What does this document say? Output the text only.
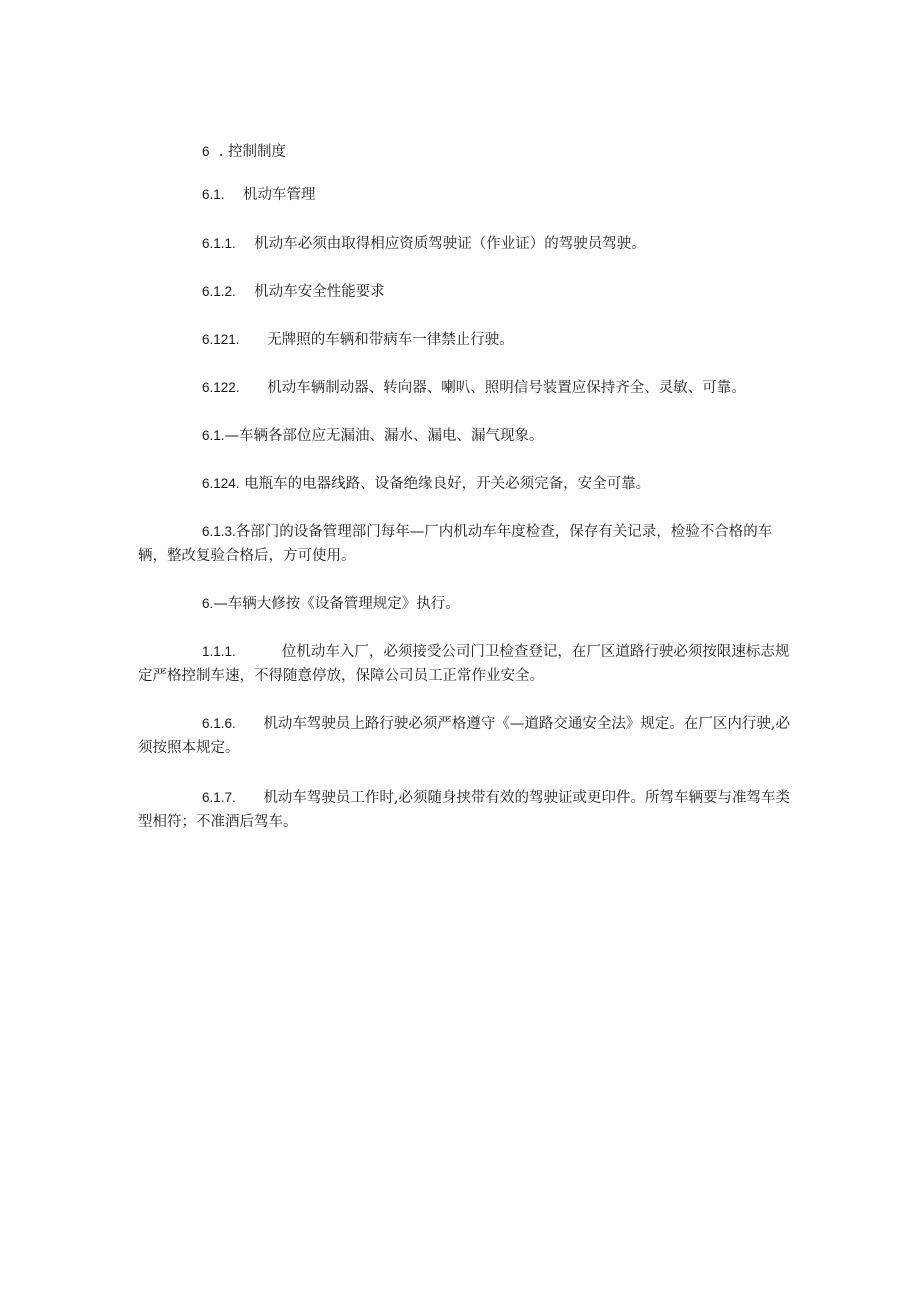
6  . 控制制度
6.1. 机动车管理
6.1.1. 机动车必须由取得相应资质驾驶证（作业证）的驾驶员驾驶。
6.1.2. 机动车安全性能要求
6.121. 无牌照的车辆和带病车一律禁止行驶。
6.122. 机动车辆制动器、转向器、喇叭、照明信号装置应保持齐全、灵敏、可靠。
6.1.—车辆各部位应无漏油、漏水、漏电、漏气现象。
6.124. 电瓶车的电器线路、设备绝缘良好，开关必须完备，安全可靠。
6.1.3.各部门的设备管理部门每年—厂内机动车年度检查，保存有关记录，检验不合格的车辆，整改复验合格后，方可使用。
6.—车辆大修按《设备管理规定》执行。
1.1.1.	位机动车入厂，必须接受公司门卫检查登记，在厂区道路行驶必须按限速标志规定严格控制车速，不得随意停放，保障公司员工正常作业安全。
6.1.6. 机动车驾驶员上路行驶必须严格遵守《—道路交通安全法》规定。在厂区内行驶,必须按照本规定。
6.1.7. 机动车驾驶员工作时,必须随身挟带有效的驾驶证或更印件。所驾车辆要与准驾车类型相符；不准酒后驾车。
